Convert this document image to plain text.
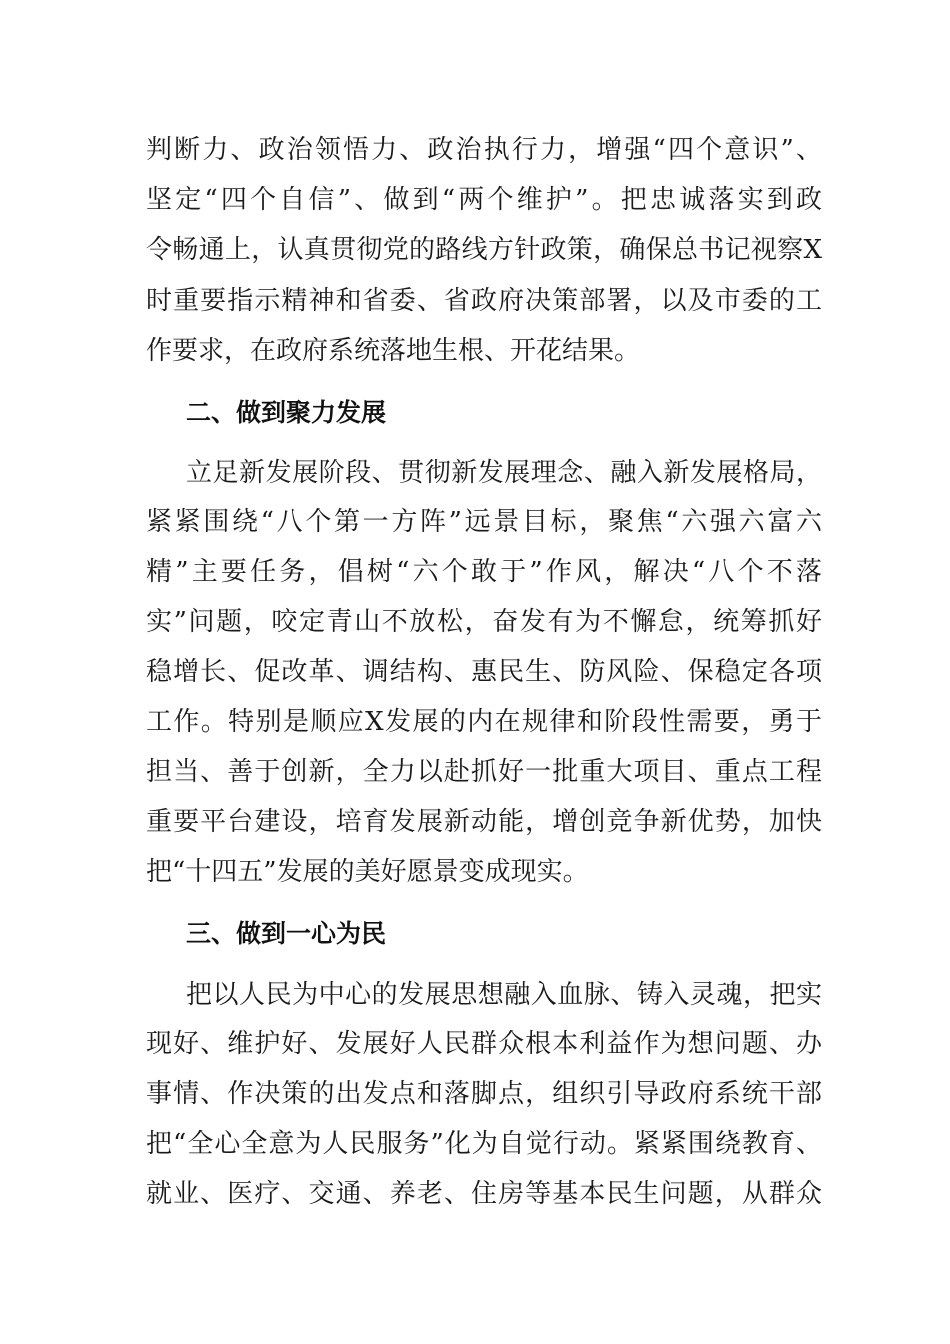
判断力、政治领悟力、政治执行力，增强“四个意识”、
坚定“四个自信”、做到“两个维护”。把忠诚落实到政
令畅通上，认真贯彻党的路线方针政策，确保总书记视察X
时重要指示精神和省委、省政府决策部署，以及市委的工
作要求，在政府系统落地生根、开花结果。
二、做到聚力发展
立足新发展阶段、贯彻新发展理念、融入新发展格局，
紧紧围绕“八个第一方阵”远景目标，聚焦“六强六富六
精”主要任务，倡树“六个敢于”作风，解决“八个不落
实”问题，咬定青山不放松，奋发有为不懈怠，统筹抓好
稳增长、促改革、调结构、惠民生、防风险、保稳定各项
工作。特别是顺应X发展的内在规律和阶段性需要，勇于
担当、善于创新，全力以赴抓好一批重大项目、重点工程
重要平台建设，培育发展新动能，增创竞争新优势，加快
把“十四五”发展的美好愿景变成现实。
三、做到一心为民
把以人民为中心的发展思想融入血脉、铸入灵魂，把实
现好、维护好、发展好人民群众根本利益作为想问题、办
事情、作决策的出发点和落脚点，组织引导政府系统干部
把“全心全意为人民服务”化为自觉行动。紧紧围绕教育、
就业、医疗、交通、养老、住房等基本民生问题，从群众
